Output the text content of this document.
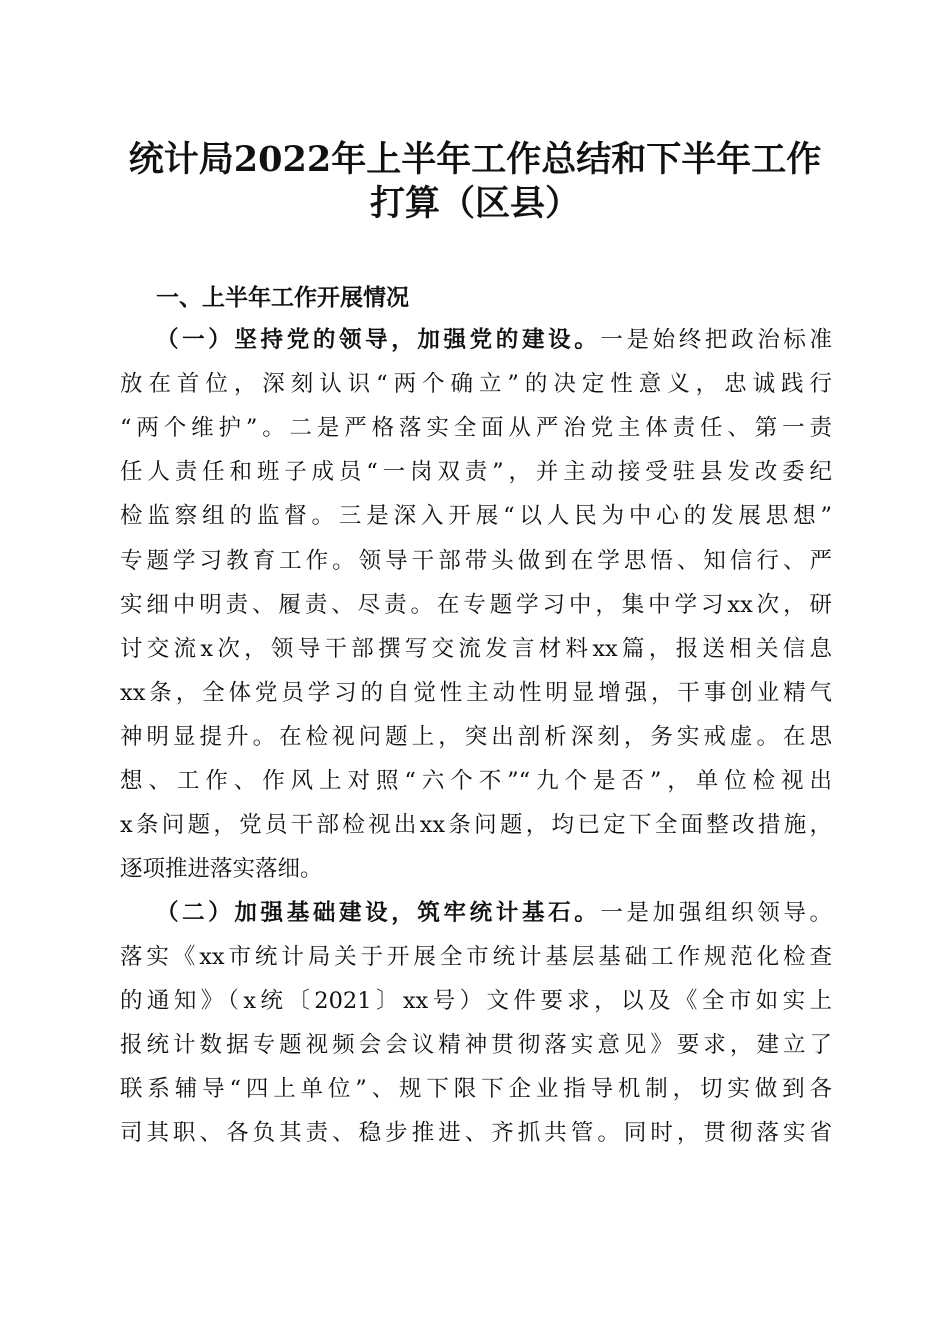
统计局2022年上半年工作总结和下半年工作
打算（区县）
一、上半年工作开展情况

（一）坚持党的领导，加强党的建设。一是始终把政治标准

放在首位，深刻认识“两个确立”的决定性意义，忠诚践行

“两个维护”。二是严格落实全面从严治党主体责任、第一责

任人责任和班子成员“一岗双责”，并主动接受驻县发改委纪

检监察组的监督。三是深入开展“以人民为中心的发展思想”

专题学习教育工作。领导干部带头做到在学思悟、知信行、严

实细中明责、履责、尽责。在专题学习中，集中学习xx次，研

讨交流x次，领导干部撰写交流发言材料xx篇，报送相关信息

xx条，全体党员学习的自觉性主动性明显增强，干事创业精气

神明显提升。在检视问题上，突出剖析深刻，务实戒虚。在思

想、工作、作风上对照“六个不”“九个是否”，单位检视出

x条问题，党员干部检视出xx条问题，均已定下全面整改措施，

逐项推进落实落细。

（二）加强基础建设，筑牢统计基石。一是加强组织领导。

落实《xx市统计局关于开展全市统计基层基础工作规范化检查

的通知》（x统〔2021〕xx号）文件要求，以及《全市如实上

报统计数据专题视频会会议精神贯彻落实意见》要求，建立了

联系辅导“四上单位”、规下限下企业指导机制，切实做到各

司其职、各负其责、稳步推进、齐抓共管。同时，贯彻落实省
